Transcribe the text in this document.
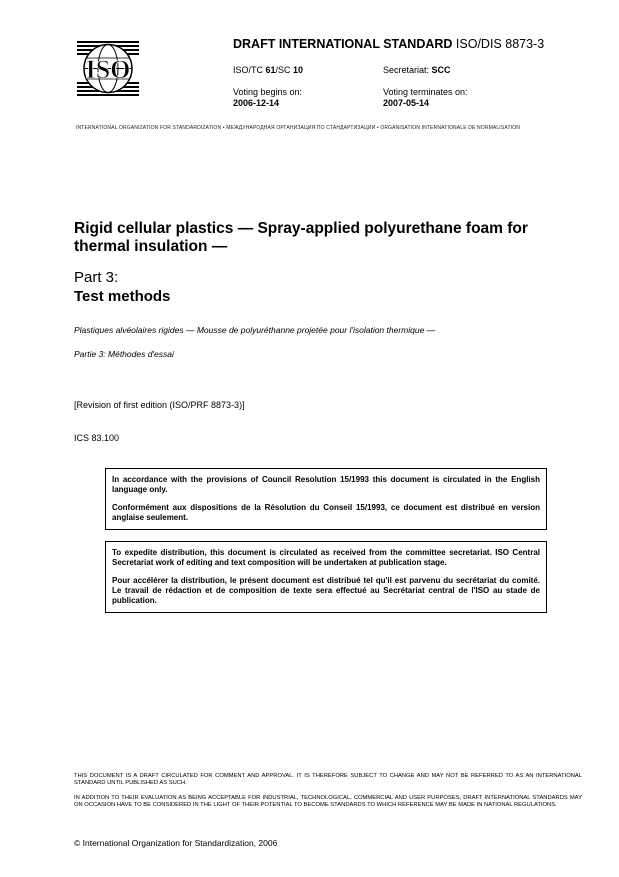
ISO
DRAFT INTERNATIONAL STANDARD ISO/DIS 8873-3
ISO/TC 61/SC 10	Secretariat: SCC
Voting begins on:
2006-12-14
Voting terminates on:
2007-05-14
INTERNATIONAL ORGANIZATION FOR STANDARDIZATION • МЕЖДУНАРОДНАЯ ОРГАНИЗАЦИЯ ПО СТАНДАРТИЗАЦИИ • ORGANISATION INTERNATIONALE DE NORMALISATION
Rigid cellular plastics — Spray-applied polyurethane foam for thermal insulation —
Part 3:
Test methods
Plastiques alvéolaires rigides — Mousse de polyuréthanne projetée pour l'isolation thermique —
Partie 3: Méthodes d'essai
[Revision of first edition (ISO/PRF 8873-3)]
ICS 83.100

In accordance with the provisions of Council Resolution 15/1993 this document is circulated in the English language only.

Conformément aux dispositions de la Résolution du Conseil 15/1993, ce document est distribué en version anglaise seulement.

To expedite distribution, this document is circulated as received from the committee secretariat. ISO Central Secretariat work of editing and text composition will be undertaken at publication stage.

Pour accélérer la distribution, le présent document est distribué tel qu'il est parvenu du secrétariat du comité. Le travail de rédaction et de composition de texte sera effectué au Secrétariat central de l'ISO au stade de publication.

THIS DOCUMENT IS A DRAFT CIRCULATED FOR COMMENT AND APPROVAL. IT IS THEREFORE SUBJECT TO CHANGE AND MAY NOT BE REFERRED TO AS AN INTERNATIONAL STANDARD UNTIL PUBLISHED AS SUCH.
IN ADDITION TO THEIR EVALUATION AS BEING ACCEPTABLE FOR INDUSTRIAL, TECHNOLOGICAL, COMMERCIAL AND USER PURPOSES, DRAFT INTERNATIONAL STANDARDS MAY ON OCCASION HAVE TO BE CONSIDERED IN THE LIGHT OF THEIR POTENTIAL TO BECOME STANDARDS TO WHICH REFERENCE MAY BE MADE IN NATIONAL REGULATIONS.
© International Organization for Standardization, 2006
